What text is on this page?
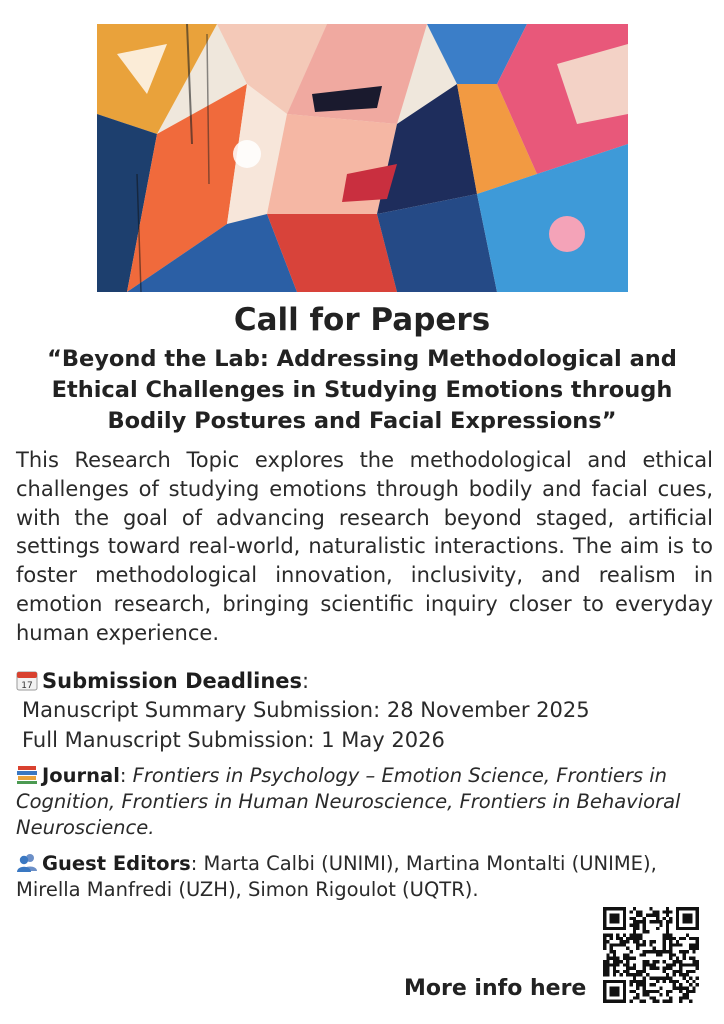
Call for Papers
“Beyond the Lab: Addressing Methodological and Ethical Challenges in Studying Emotions through Bodily Postures and Facial Expressions”

This Research Topic explores the methodological and ethical challenges of studying emotions through bodily and facial cues, with the goal of advancing research beyond staged, artificial settings toward real-world, naturalistic interactions. The aim is to foster methodological innovation, inclusivity, and realism in emotion research, bringing scientific inquiry closer to everyday human experience.

17 Submission Deadlines:
Manuscript Summary Submission: 28 November 2025
Full Manuscript Submission: 1 May 2026
Journal: Frontiers in Psychology – Emotion Science, Frontiers in Cognition, Frontiers in Human Neuroscience, Frontiers in Behavioral Neuroscience.
Guest Editors: Marta Calbi (UNIMI), Martina Montalti (UNIME), Mirella Manfredi (UZH), Simon Rigoulot (UQTR).
More info here
